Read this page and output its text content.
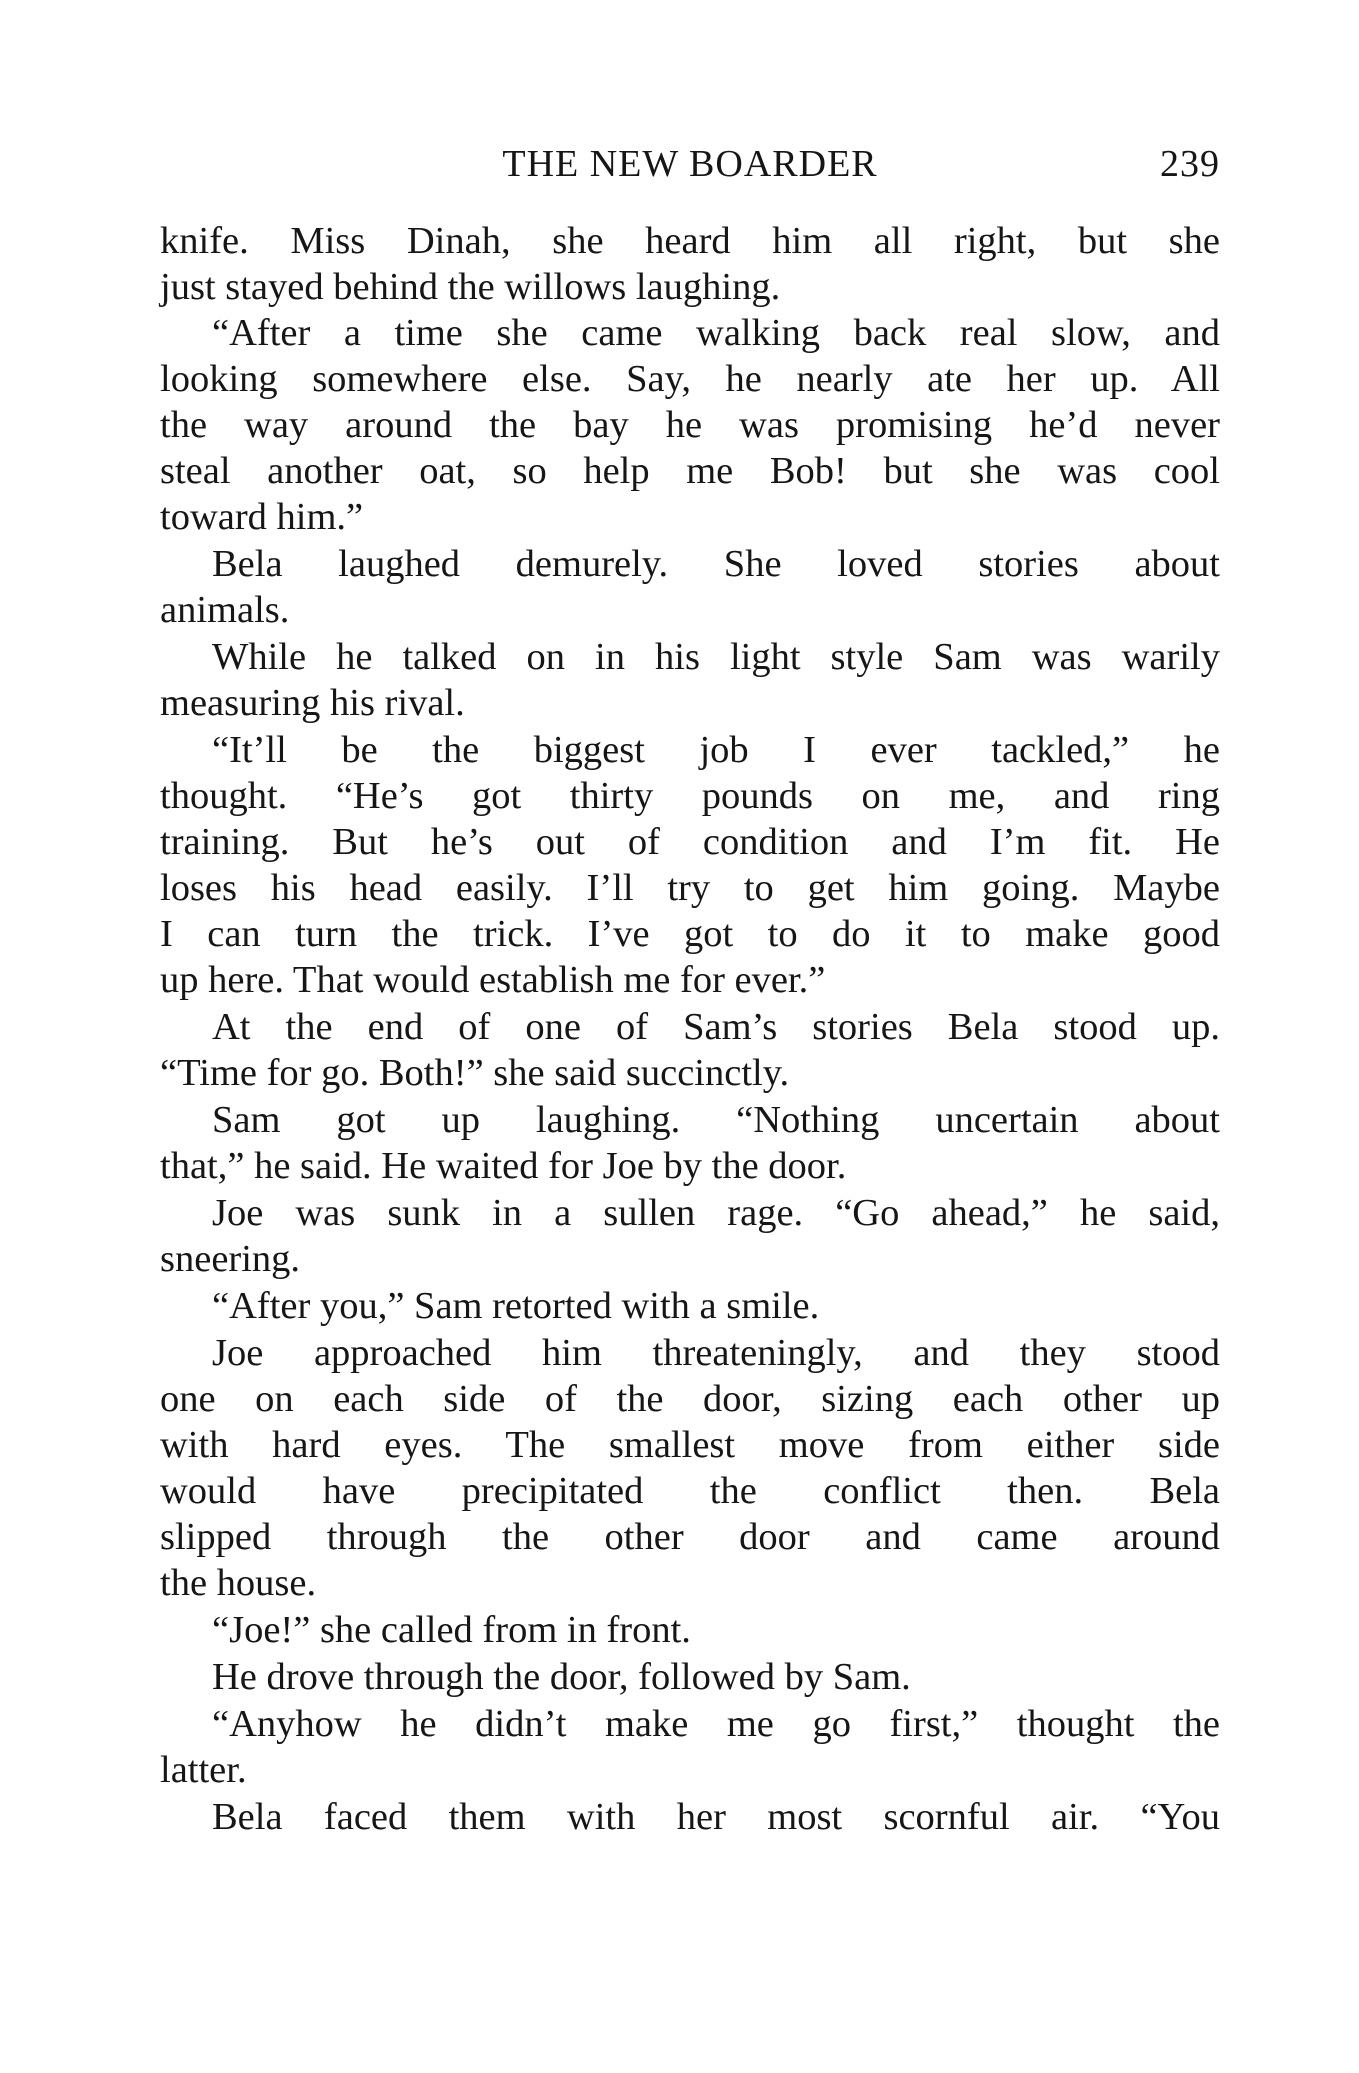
THE NEW BOARDER	239
knife. Miss Dinah, she heard him all right, but she
just stayed behind the willows laughing.
“After a time she came walking back real slow, and
looking somewhere else. Say, he nearly ate her up. All
the way around the bay he was promising he’d never
steal another oat, so help me Bob! but she was cool
toward him.”
Bela laughed demurely. She loved stories about
animals.
While he talked on in his light style Sam was warily
measuring his rival.
“It’ll be the biggest job I ever tackled,” he
thought. “He’s got thirty pounds on me, and ring
training. But he’s out of condition and I’m fit. He
loses his head easily. I’ll try to get him going. Maybe
I can turn the trick. I’ve got to do it to make good
up here. That would establish me for ever.”
At the end of one of Sam’s stories Bela stood up.
“Time for go. Both!” she said succinctly.
Sam got up laughing. “Nothing uncertain about
that,” he said. He waited for Joe by the door.
Joe was sunk in a sullen rage. “Go ahead,” he said,
sneering.
“After you,” Sam retorted with a smile.
Joe approached him threateningly, and they stood
one on each side of the door, sizing each other up
with hard eyes. The smallest move from either side
would have precipitated the conflict then. Bela
slipped through the other door and came around
the house.
“Joe!” she called from in front.
He drove through the door, followed by Sam.
“Anyhow he didn’t make me go first,” thought the
latter.
Bela faced them with her most scornful air. “You
